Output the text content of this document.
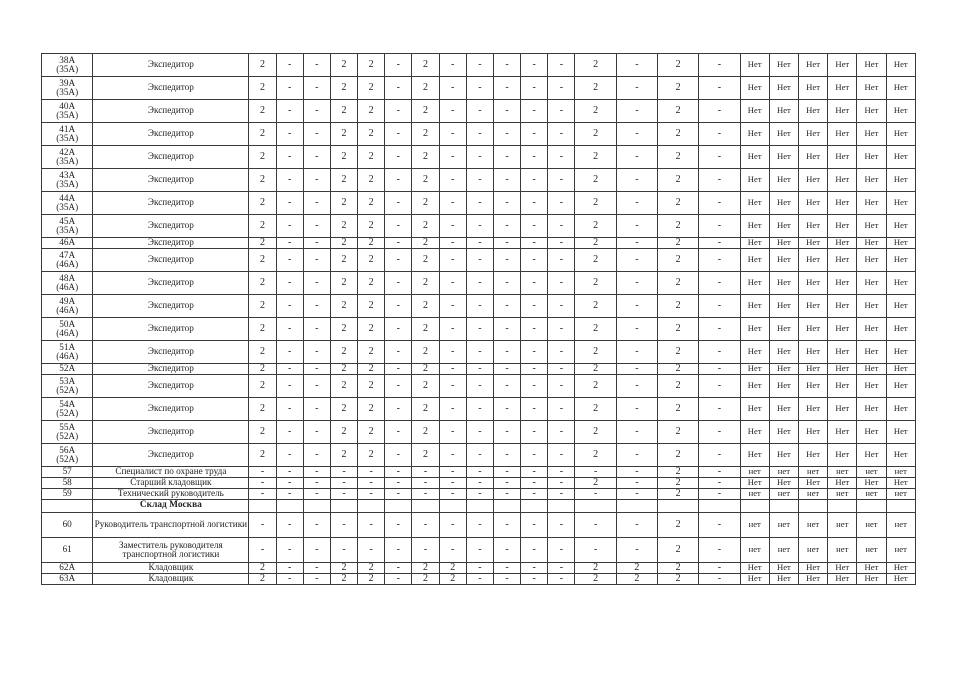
38A
(35A)	Экспедитор	2	-	-	2	2	-	2	-	-	-	-	-	2	-	2	-	Нет	Нет	Нет	Нет	Нет	Нет
39A
(35A)	Экспедитор	2	-	-	2	2	-	2	-	-	-	-	-	2	-	2	-	Нет	Нет	Нет	Нет	Нет	Нет
40A
(35A)	Экспедитор	2	-	-	2	2	-	2	-	-	-	-	-	2	-	2	-	Нет	Нет	Нет	Нет	Нет	Нет
41A
(35A)	Экспедитор	2	-	-	2	2	-	2	-	-	-	-	-	2	-	2	-	Нет	Нет	Нет	Нет	Нет	Нет
42A
(35A)	Экспедитор	2	-	-	2	2	-	2	-	-	-	-	-	2	-	2	-	Нет	Нет	Нет	Нет	Нет	Нет
43A
(35A)	Экспедитор	2	-	-	2	2	-	2	-	-	-	-	-	2	-	2	-	Нет	Нет	Нет	Нет	Нет	Нет
44A
(35A)	Экспедитор	2	-	-	2	2	-	2	-	-	-	-	-	2	-	2	-	Нет	Нет	Нет	Нет	Нет	Нет
45A
(35A)	Экспедитор	2	-	-	2	2	-	2	-	-	-	-	-	2	-	2	-	Нет	Нет	Нет	Нет	Нет	Нет
46A	Экспедитор	2	-	-	2	2	-	2	-	-	-	-	-	2	-	2	-	Нет	Нет	Нет	Нет	Нет	Нет
47A
(46A)	Экспедитор	2	-	-	2	2	-	2	-	-	-	-	-	2	-	2	-	Нет	Нет	Нет	Нет	Нет	Нет
48A
(46A)	Экспедитор	2	-	-	2	2	-	2	-	-	-	-	-	2	-	2	-	Нет	Нет	Нет	Нет	Нет	Нет
49A
(46A)	Экспедитор	2	-	-	2	2	-	2	-	-	-	-	-	2	-	2	-	Нет	Нет	Нет	Нет	Нет	Нет
50A
(46A)	Экспедитор	2	-	-	2	2	-	2	-	-	-	-	-	2	-	2	-	Нет	Нет	Нет	Нет	Нет	Нет
51A
(46A)	Экспедитор	2	-	-	2	2	-	2	-	-	-	-	-	2	-	2	-	Нет	Нет	Нет	Нет	Нет	Нет
52A	Экспедитор	2	-	-	2	2	-	2	-	-	-	-	-	2	-	2	-	Нет	Нет	Нет	Нет	Нет	Нет
53A
(52A)	Экспедитор	2	-	-	2	2	-	2	-	-	-	-	-	2	-	2	-	Нет	Нет	Нет	Нет	Нет	Нет
54A
(52A)	Экспедитор	2	-	-	2	2	-	2	-	-	-	-	-	2	-	2	-	Нет	Нет	Нет	Нет	Нет	Нет
55A
(52A)	Экспедитор	2	-	-	2	2	-	2	-	-	-	-	-	2	-	2	-	Нет	Нет	Нет	Нет	Нет	Нет
56A
(52A)	Экспедитор	2	-	-	2	2	-	2	-	-	-	-	-	2	-	2	-	Нет	Нет	Нет	Нет	Нет	Нет
57	Специалист по охране труда	-	-	-	-	-	-	-	-	-	-	-	-	-	-	2	-	нет	нет	нет	нет	нет	нет
58	Старший кладовщик	-	-	-	-	-	-	-	-	-	-	-	-	2	-	2	-	Нет	Нет	Нет	Нет	Нет	Нет
59	Технический руководитель	-	-	-	-	-	-	-	-	-	-	-	-	-	-	2	-	нет	нет	нет	нет	нет	нет
	Склад Москва																						
60	Руководитель транспортной логистики	-	-	-	-	-	-	-	-	-	-	-	-	-	-	2	-	нет	нет	нет	нет	нет	нет
61	Заместитель руководителя транспортной логистики	-	-	-	-	-	-	-	-	-	-	-	-	-	-	2	-	нет	нет	нет	нет	нет	нет
62A	Кладовщик	2	-	-	2	2	-	2	2	-	-	-	-	2	2	2	-	Нет	Нет	Нет	Нет	Нет	Нет
63A	Кладовщик	2	-	-	2	2	-	2	2	-	-	-	-	2	2	2	-	Нет	Нет	Нет	Нет	Нет	Нет
